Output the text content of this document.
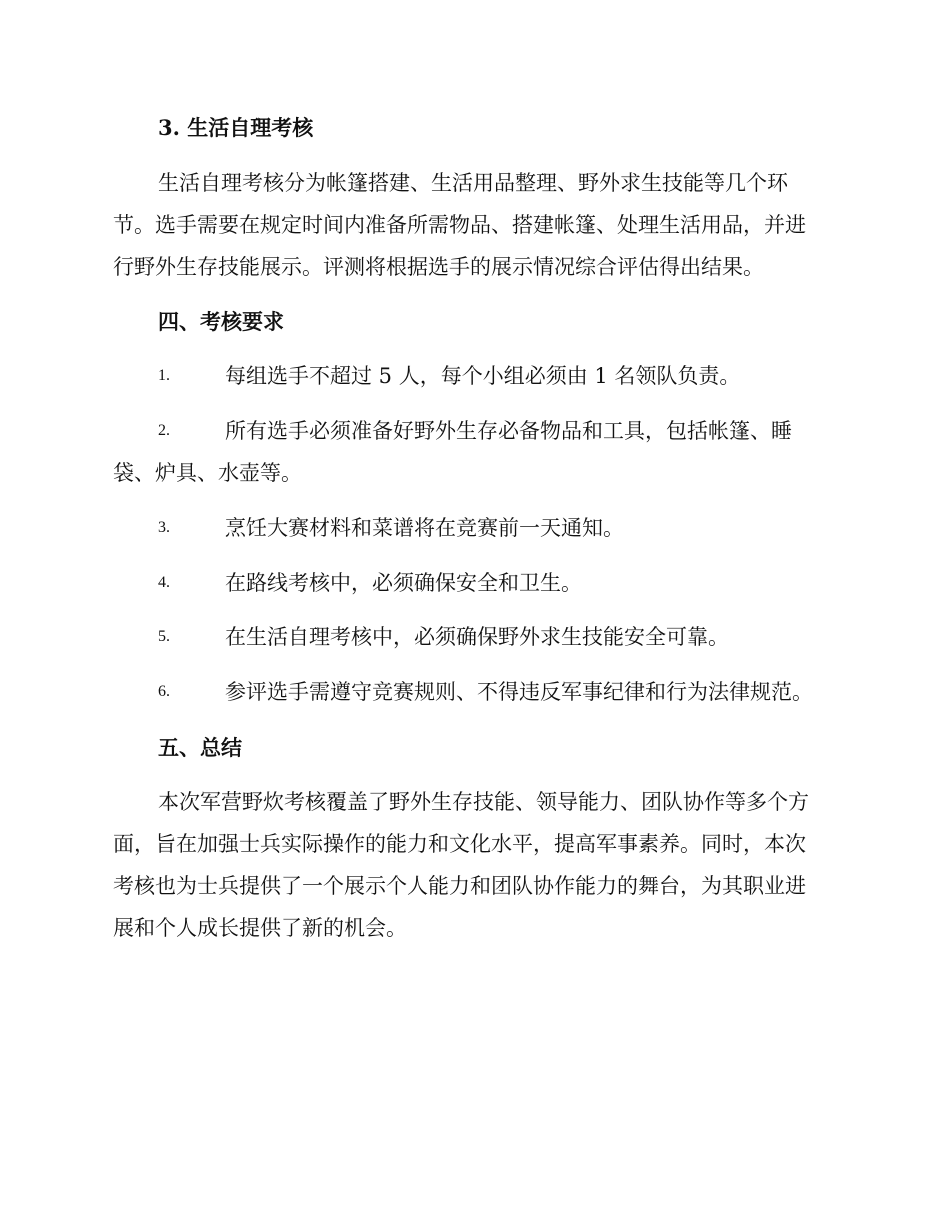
3. 生活自理考核
生活自理考核分为帐篷搭建、生活用品整理、野外求生技能等几个环
节。选手需要在规定时间内准备所需物品、搭建帐篷、处理生活用品，并进
行野外生存技能展示。评测将根据选手的展示情况综合评估得出结果。
四、考核要求
1.	每组选手不超过 5 人，每个小组必须由 1 名领队负责。
2.	所有选手必须准备好野外生存必备物品和工具，包括帐篷、睡
袋、炉具、水壶等。
3.	烹饪大赛材料和菜谱将在竞赛前一天通知。
4.	在路线考核中，必须确保安全和卫生。
5.	在生活自理考核中，必须确保野外求生技能安全可靠。
6.	参评选手需遵守竞赛规则、不得违反军事纪律和行为法律规范。
五、总结
本次军营野炊考核覆盖了野外生存技能、领导能力、团队协作等多个方
面，旨在加强士兵实际操作的能力和文化水平，提高军事素养。同时，本次
考核也为士兵提供了一个展示个人能力和团队协作能力的舞台，为其职业进
展和个人成长提供了新的机会。
